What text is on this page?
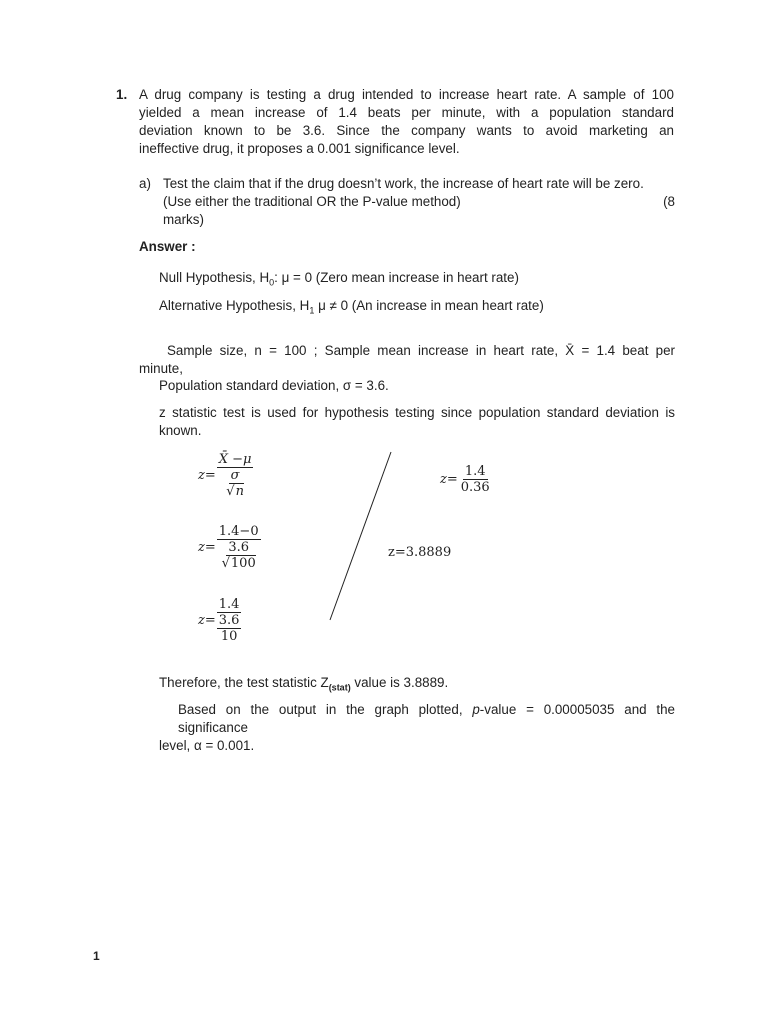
1. A drug company is testing a drug intended to increase heart rate. A sample of 100
yielded a mean increase of 1.4 beats per minute, with a population standard
deviation known to be 3.6. Since the company wants to avoid marketing an
ineffective drug, it proposes a 0.001 significance level.
a) Test the claim that if the drug doesn’t work, the increase of heart rate will be zero.
(Use either the traditional OR the P-value method)	(8
marks)
Answer :
Null Hypothesis, $H_0$: μ = 0 (Zero mean increase in heart rate)
Alternative Hypothesis, $H_1$ μ ≠ 0 (An increase in mean heart rate)
Sample size, n = 100 ; Sample mean increase in heart rate, X̄ = 1.4 beat per
minute,
Population standard deviation, σ = 3.6.
z statistic test is used for hypothesis testing since population standard deviation is
known.
$z= \frac{X̄ -\mu}{\frac{\sigma}{√n}}$
$z= \frac{1.4-0}{\frac{3.6}{√100}}$
$z= \frac{1.4}{\frac{3.6}{10}}$
$z= \frac{1.4}{0.36}$
z=3.8889
Therefore, the test statistic $Z_{(stat)}$ value is 3.8889.
Based on the output in the graph plotted, p-value = 0.00005035 and the significance
level, α = 0.001.
1
